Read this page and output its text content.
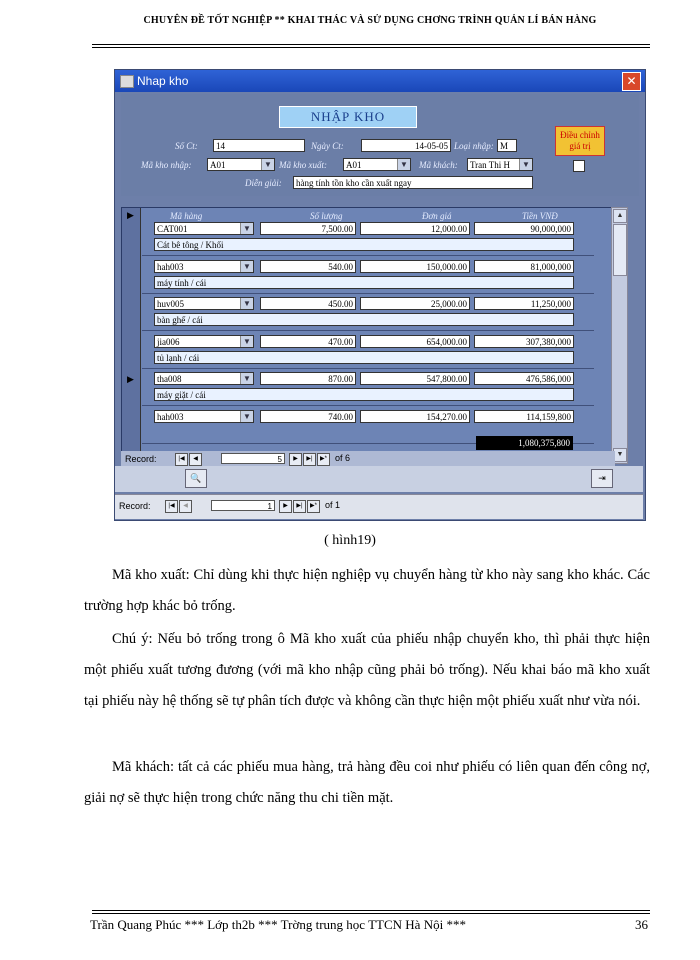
CHUYÊN ĐỀ TỐT NGHIỆP ** KHAI THÁC VÀ SỬ DỤNG CHƠNG TRÌNH QUẢN LÍ BÁN HÀNG
Nhap kho	✕
NHẬP KHO
Số Ct:	14	Ngày Ct:	14-05-05 Loại nhập: M
Mã kho nhập:	A01	▼ Mã kho xuất:	A01	▼ Mã khách:	Tran Thi H	▼
Diễn giải:	hàng tính tồn kho cần xuất ngay
Điều chỉnh giá trị
▶	Mã hàng	Số lượng	Đơn giá	Tiền VNĐ
CAT001	▼	7,500.00	12,000.00	90,000,000
Cát bê tông / Khối
hah003	▼	540.00	150,000.00	81,000,000
máy tính / cái
huv005	▼	450.00	25,000.00	11,250,000
bàn ghế / cái
jia006	▼	470.00	654,000.00	307,380,000
tủ lạnh / cái
tha008	▼	870.00	547,800.00	476,586,000
máy giặt / cái
▶
hah003	▼	740.00	154,270.00	114,159,800
▲
▼
1,080,375,800
Record:	|◀	◀	5	▶	▶|	▶* of 6
🔍	⇥
Record:	|◀	◀	1	▶	▶|	▶* of 1
( hình19)
Mã kho xuất: Chỉ dùng khi thực hiện nghiệp vụ chuyển hàng từ kho này sang kho khác. Các trường hợp khác bỏ trống.
Chú ý: Nếu bỏ trống trong ô Mã kho xuất của phiếu nhập chuyển kho, thì phải thực hiện một phiếu xuất tương đương (với mã kho nhập cũng phải bỏ trống). Nếu khai báo mã kho xuất tại phiếu này hệ thống sẽ tự phân tích được và không cần thực hiện một phiếu xuất như vừa nói.
Mã khách: tất cả các phiếu mua hàng, trả hàng đều coi như phiếu có liên quan đến công nợ, giải nợ sẽ thực hiện trong chức năng thu chi tiền mặt.
Trần Quang Phúc *** Lớp th2b *** Trờng trung học TTCN Hà Nội ***	36
